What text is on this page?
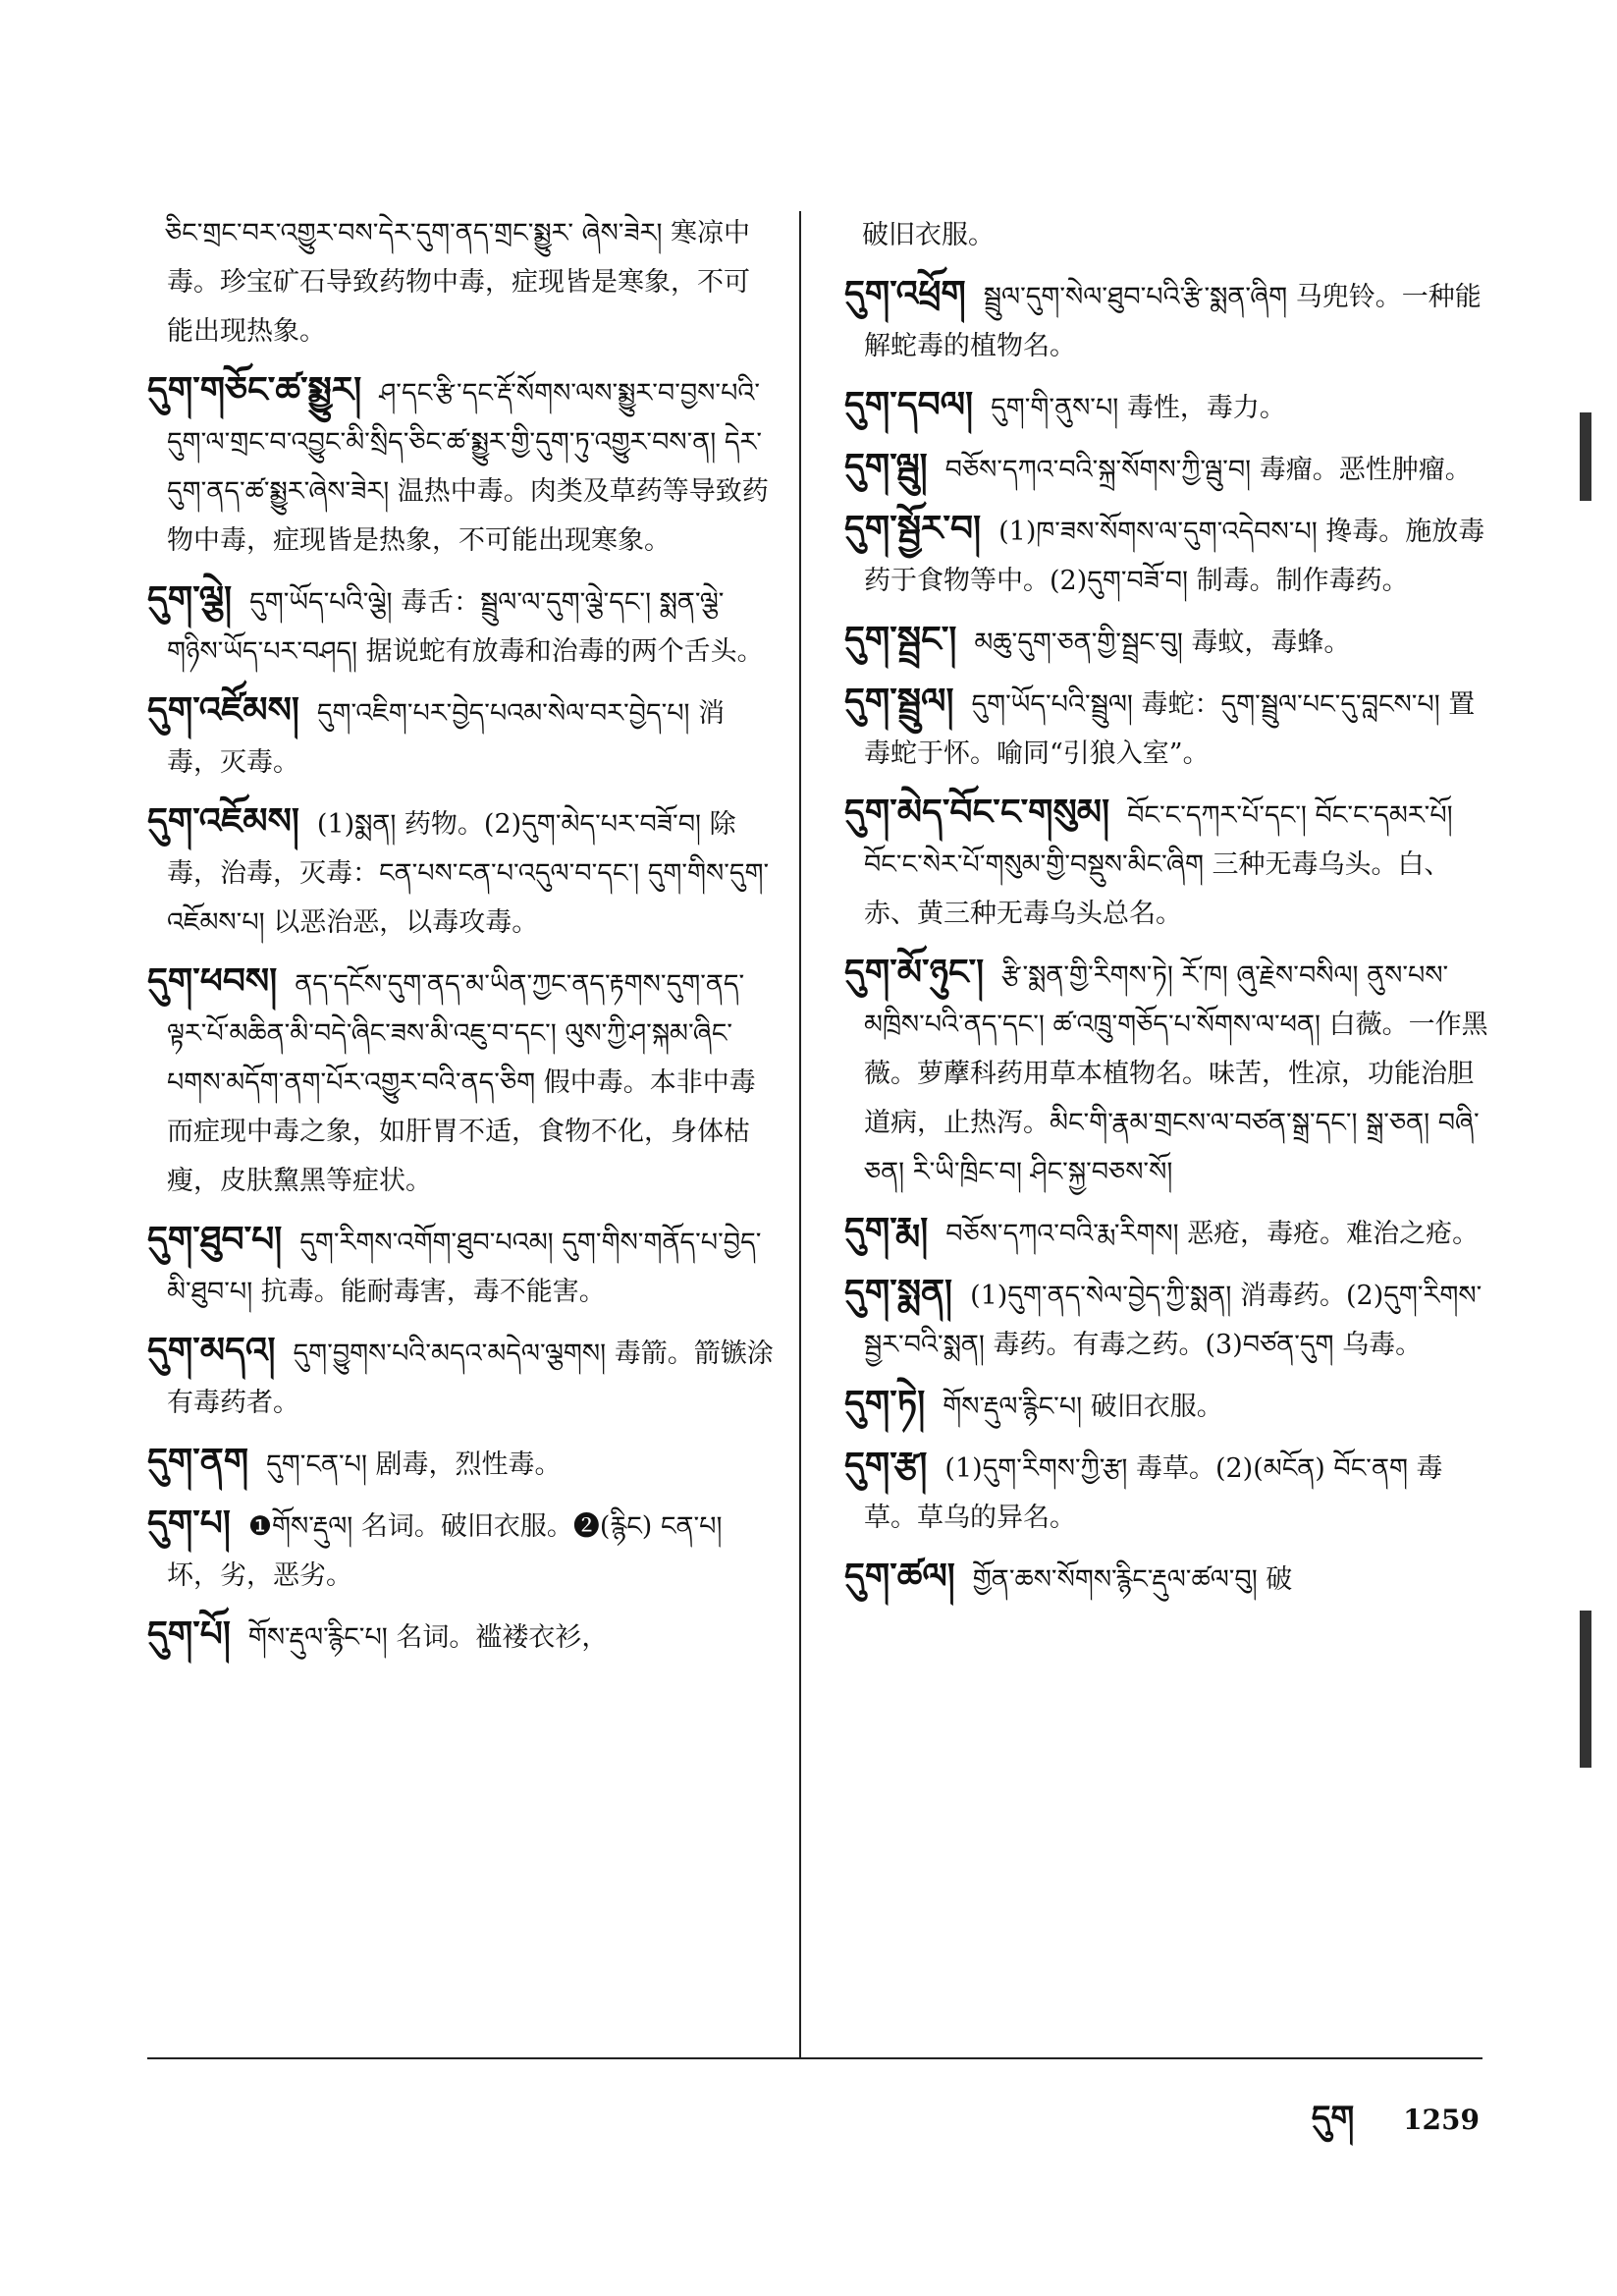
ཅིང་གྲང་བར་འགྱུར་བས་དེར་དུག་ནད་གྲང་སྨྱུར་ ཞེས་ཟེར། 寒凉中毒。珍宝矿石导致药物中毒，症现皆是寒象，不可能出现热象。

དུག་གཅོང་ཚ་སྨྱུར། ཤ་དང་རྩི་དང་རྡོ་སོགས་ལས་སྨྱུར་བ་བྱས་པའི་དུག་ལ་གྲང་བ་འབྱུང་མི་སྲིད་ཅིང་ཚ་སྨྱུར་གྱི་དུག་ཏུ་འགྱུར་བས་ན། དེར་དུག་ནད་ཚ་སྨྱུར་ཞེས་ཟེར། 温热中毒。肉类及草药等导致药物中毒，症现皆是热象，不可能出现寒象。

དུག་ལྕེ། དུག་ཡོད་པའི་ལྕེ། 毒舌：སྦྲུལ་ལ་དུག་ལྕེ་དང་། སྨན་ལྕེ་གཉིས་ཡོད་པར་བཤད། 据说蛇有放毒和治毒的两个舌头。

དུག་འཛོམས། དུག་འཇིག་པར་བྱེད་པའམ་སེལ་བར་བྱེད་པ། 消毒，灭毒。

དུག་འཇོམས། (1)སྨན། 药物。(2)དུག་མེད་པར་བཟོ་བ། 除毒，治毒，灭毒：ངན་པས་ངན་པ་འདུལ་བ་དང་། དུག་གིས་དུག་འཇོམས་པ། 以恶治恶，以毒攻毒。

དུག་ཕབས། ནད་དངོས་དུག་ནད་མ་ཡིན་ཀྱང་ནད་རྟགས་དུག་ནད་ལྟར་པོ་མཆིན་མི་བདེ་ཞིང་ཟས་མི་འཇུ་བ་དང་། ལུས་ཀྱི་ཤ་སྐམ་ཞིང་པགས་མདོག་ནག་པོར་འགྱུར་བའི་ནད་ཅིག 假中毒。本非中毒而症现中毒之象，如肝胃不适，食物不化，身体枯瘦，皮肤黧黑等症状。

དུག་ཐུབ་པ། དུག་རིགས་འགོག་ཐུབ་པའམ། དུག་གིས་གནོད་པ་བྱེད་མི་ཐུབ་པ། 抗毒。能耐毒害，毒不能害。

དུག་མདའ། དུག་བྱུགས་པའི་མདའ་མདེལ་ལྕགས། 毒箭。箭镞涂有毒药者。

དུག་ནག དུག་ངན་པ། 剧毒，烈性毒。

དུག་པ། ❶གོས་རྡུལ། 名词。破旧衣服。❷(རྙིང) ངན་པ། 坏，劣，恶劣。

དུག་པོ། གོས་རྡུལ་རྙིང་པ། 名词。褴褛衣衫，

破旧衣服。

དུག་འཕྲོག སྦྲུལ་དུག་སེལ་ཐུབ་པའི་རྩི་སྨན་ཞིག 马兜铃。一种能解蛇毒的植物名。

དུག་དབལ། དུག་གི་ནུས་པ། 毒性，毒力。

དུག་ལྦུ། བཅོས་དཀའ་བའི་སྐྲ་སོགས་ཀྱི་ལྦུ་བ། 毒瘤。恶性肿瘤。

དུག་སྦྱོར་བ། (1)ཁ་ཟས་སོགས་ལ་དུག་འདེབས་པ། 搀毒。施放毒药于食物等中。(2)དུག་བཟོ་བ། 制毒。制作毒药。

དུག་སྦྲང་། མཆུ་དུག་ཅན་གྱི་སྦྲང་བུ། 毒蚊，毒蜂。

དུག་སྦྲུལ། དུག་ཡོད་པའི་སྦྲུལ། 毒蛇：དུག་སྦྲུལ་པང་དུ་བླངས་པ། 置毒蛇于怀。喻同“引狼入室”。

དུག་མེད་བོང་ང་གསུམ། བོང་ང་དཀར་པོ་དང་། བོང་ང་དམར་པོ། བོང་ང་སེར་པོ་གསུམ་གྱི་བསྡུས་མིང་ཞིག 三种无毒乌头。白、赤、黄三种无毒乌头总名。

དུག་མོ་ཉུང་། རྩི་སྨན་གྱི་རིགས་ཏེ། རོ་ཁ། ཞུ་རྗེས་བསིལ། ནུས་པས་མཁྲིས་པའི་ནད་དང་། ཚ་འཁྲུ་གཅོད་པ་སོགས་ལ་ཕན། 白薇。一作黑薇。萝藦科药用草本植物名。味苦，性凉，功能治胆道病，止热泻。མིང་གི་རྣམ་གྲངས་ལ་བཙན་སྒྲ་དང་། སྒྲ་ཅན། བཞི་ཅན། རི་ཡི་ཁྲིང་བ། ཤིང་སྐྱ་བཅས་སོ།

དུག་རྨ། བཅོས་དཀའ་བའི་རྨ་རིགས། 恶疮，毒疮。难治之疮。

དུག་སྨན། (1)དུག་ནད་སེལ་བྱེད་ཀྱི་སྨན། 消毒药。(2)དུག་རིགས་སྦྱར་བའི་སྨན། 毒药。有毒之药。(3)བཙན་དུག 乌毒。

དུག་ཏེ། གོས་རྡུལ་རྙིང་པ། 破旧衣服。

དུག་རྩ། (1)དུག་རིགས་ཀྱི་རྩ། 毒草。(2)(མངོན) བོང་ནག 毒草。草乌的异名。

དུག་ཚལ། གྱོན་ཆས་སོགས་རྙིང་རྡུལ་ཚལ་བུ། 破

དུག 1259
